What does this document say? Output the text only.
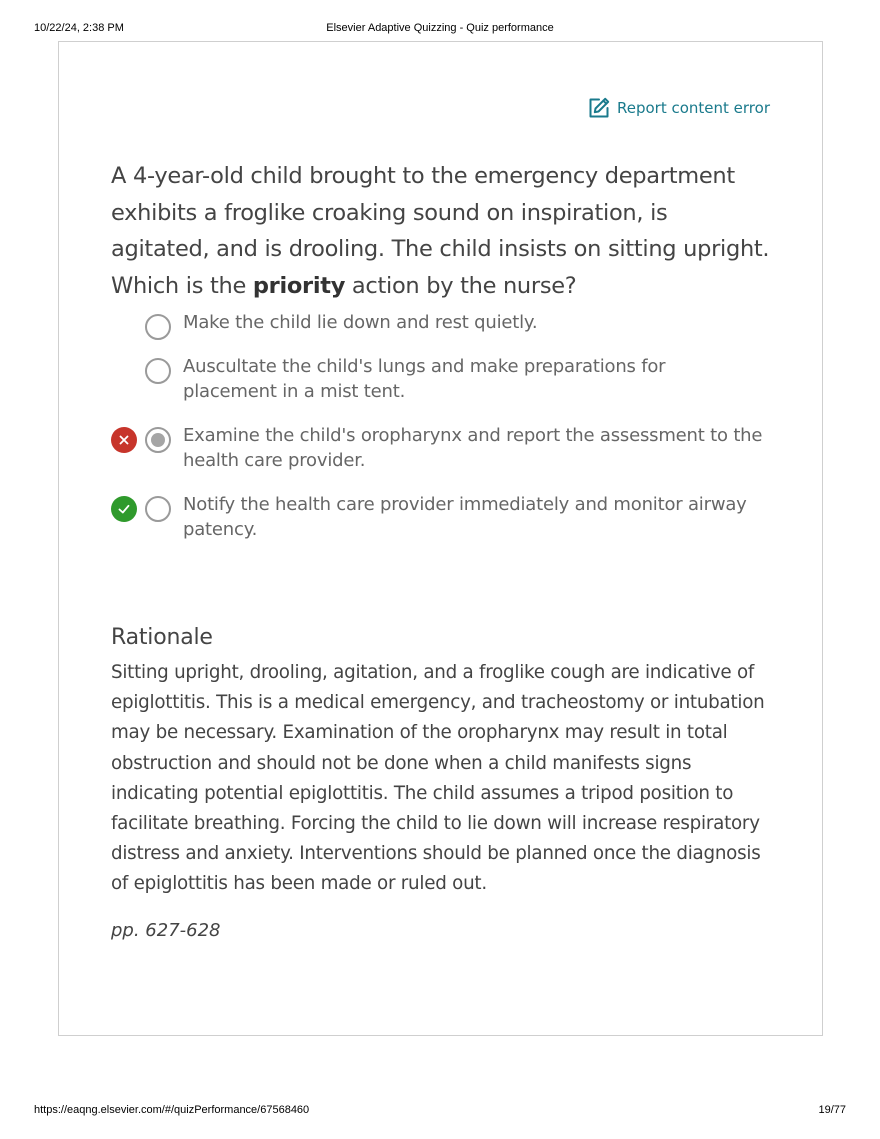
10/22/24, 2:38 PM	Elsevier Adaptive Quizzing - Quiz performance
Report content error
A 4-year-old child brought to the emergency department exhibits a froglike croaking sound on inspiration, is agitated, and is drooling. The child insists on sitting upright. Which is the priority action by the nurse?
Make the child lie down and rest quietly.
Auscultate the child's lungs and make preparations for placement in a mist tent.
Examine the child's oropharynx and report the assessment to the health care provider.
Notify the health care provider immediately and monitor airway patency.
Rationale
Sitting upright, drooling, agitation, and a froglike cough are indicative of epiglottitis. This is a medical emergency, and tracheostomy or intubation may be necessary. Examination of the oropharynx may result in total obstruction and should not be done when a child manifests signs indicating potential epiglottitis. The child assumes a tripod position to facilitate breathing. Forcing the child to lie down will increase respiratory distress and anxiety. Interventions should be planned once the diagnosis of epiglottitis has been made or ruled out.
pp. 627-628
https://eaqng.elsevier.com/#/quizPerformance/67568460	19/77
